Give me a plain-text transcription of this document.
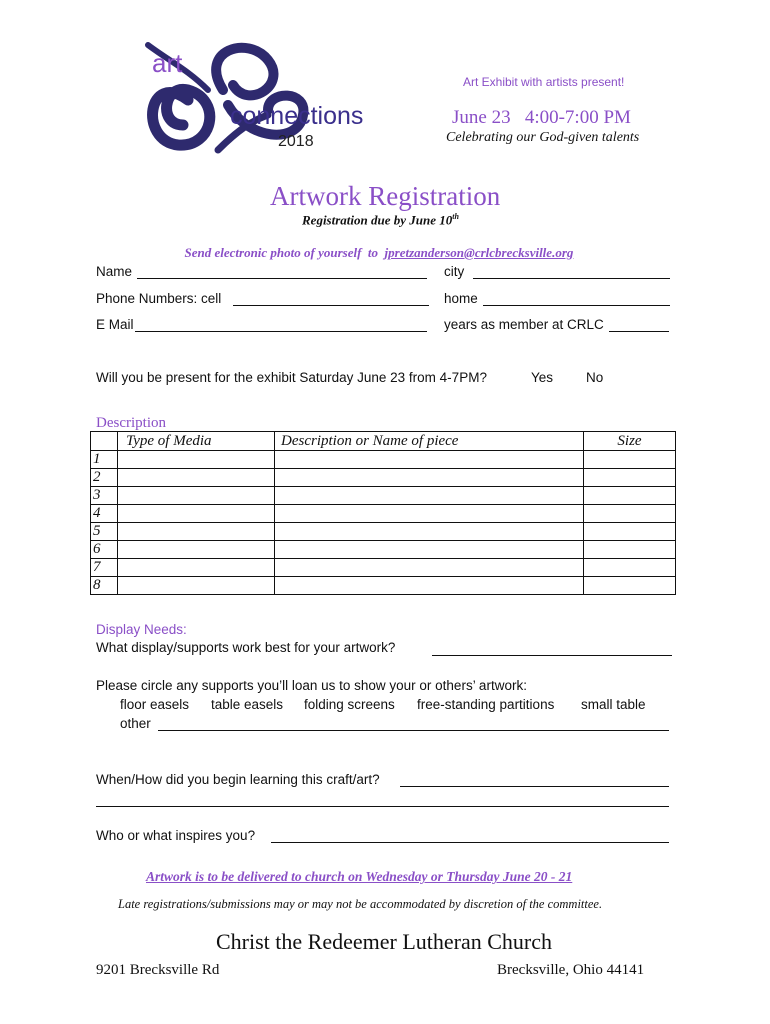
art
connections
2018
Art Exhibit with artists present!
June 23   4:00-7:00 PM
Celebrating our God-given talents
Artwork Registration
Registration due by June 10th

Send electronic photo of yourself  to  jpretzanderson@crlcbrecksville.org

Name	city
Phone Numbers: cell	home
E Mail	years as member at CRLC
Will you be present for the exhibit Saturday June 23 from 4-7PM?	Yes No
Description
	Type of Media	Description or Name of piece	Size
1			
2			
3			
4			
5			
6			
7			
8			
Display Needs:
What display/supports work best for your artwork?
Please circle any supports you’ll loan us to show your or others’ artwork:
floor easels table easels folding screens free-standing partitions small table
other
When/How did you begin learning this craft/art?
Who or what inspires you?
Artwork is to be delivered to church on Wednesday or Thursday June 20 - 21
Late registrations/submissions may or may not be accommodated by discretion of the committee.
Christ the Redeemer Lutheran Church
9201 Brecksville Rd	Brecksville, Ohio 44141
